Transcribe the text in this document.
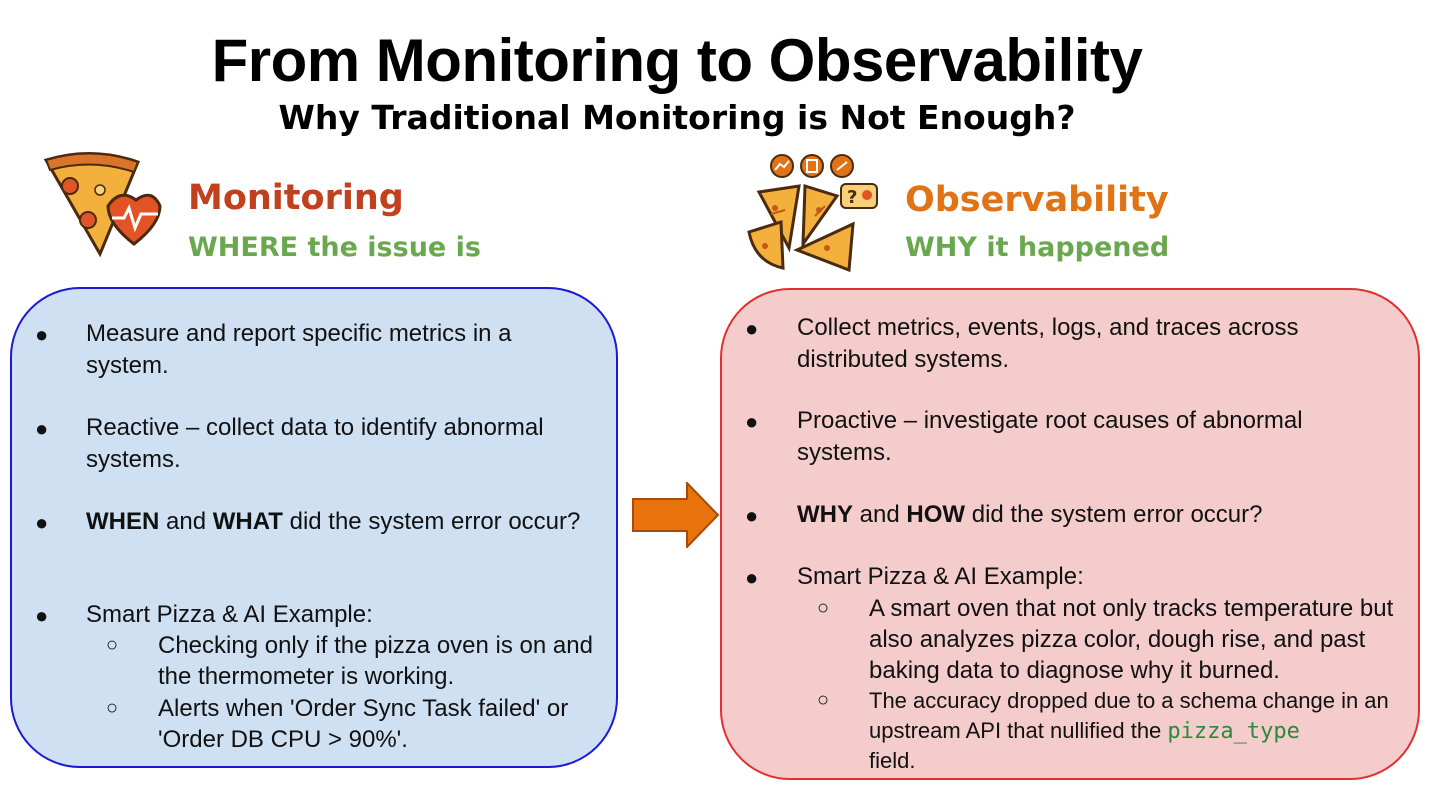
From Monitoring to Observability
Why Traditional Monitoring is Not Enough?
Monitoring
WHERE the issue is
? Observability
WHY it happened
● Measure and report specific metrics in a system.
● Reactive – collect data to identify abnormal systems.
● WHEN and WHAT did the system error occur?
● Smart Pizza & AI Example:
○ Checking only if the pizza oven is on and the thermometer is working.
○ Alerts when 'Order Sync Task failed' or 'Order DB CPU > 90%'.
● Collect metrics, events, logs, and traces across distributed systems.
● Proactive – investigate root causes of abnormal systems.
● WHY and HOW did the system error occur?
● Smart Pizza & AI Example:
○ A smart oven that not only tracks temperature but also analyzes pizza color, dough rise, and past baking data to diagnose why it burned.
○ The accuracy dropped due to a schema change in an upstream API that nullified the pizza_type
field.
